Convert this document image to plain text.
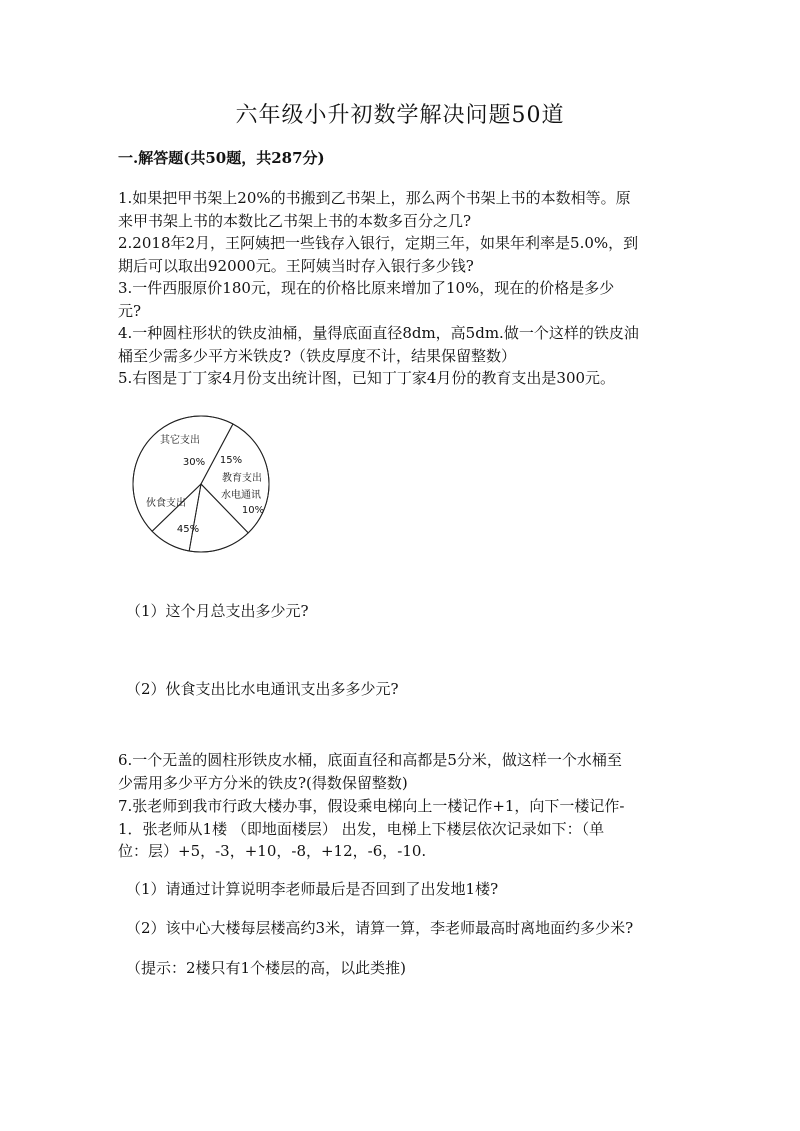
六年级小升初数学解决问题50道
一.解答题(共50题，共287分)

1.如果把甲书架上20%的书搬到乙书架上，那么两个书架上书的本数相等。原

来甲书架上书的本数比乙书架上书的本数多百分之几?

2.2018年2月，王阿姨把一些钱存入银行，定期三年，如果年利率是5.0%，到

期后可以取出92000元。王阿姨当时存入银行多少钱?

3.一件西服原价180元，现在的价格比原来增加了10%，现在的价格是多少

元?

4.一种圆柱形状的铁皮油桶，量得底面直径8dm，高5dm.做一个这样的铁皮油

桶至少需多少平方米铁皮?（铁皮厚度不计，结果保留整数）

5.右图是丁丁家4月份支出统计图，已知丁丁家4月份的教育支出是300元。

其它支出
30%
教育支出
15%
水电通讯
10%
伙食支出
45%
（1）这个月总支出多少元?
（2）伙食支出比水电通讯支出多多少元?

6.一个无盖的圆柱形铁皮水桶，底面直径和高都是5分米，做这样一个水桶至

少需用多少平方分米的铁皮?(得数保留整数)

7.张老师到我市行政大楼办事，假设乘电梯向上一楼记作+1，向下一楼记作-

1．张老师从1楼 （即地面楼层） 出发，电梯上下楼层依次记录如下：（单

位：层）+5，-3，+10，-8，+12，-6，-10.

（1）请通过计算说明李老师最后是否回到了出发地1楼?
（2）该中心大楼每层楼高约3米，请算一算，李老师最高时离地面约多少米?
（提示：2楼只有1个楼层的高，以此类推)
